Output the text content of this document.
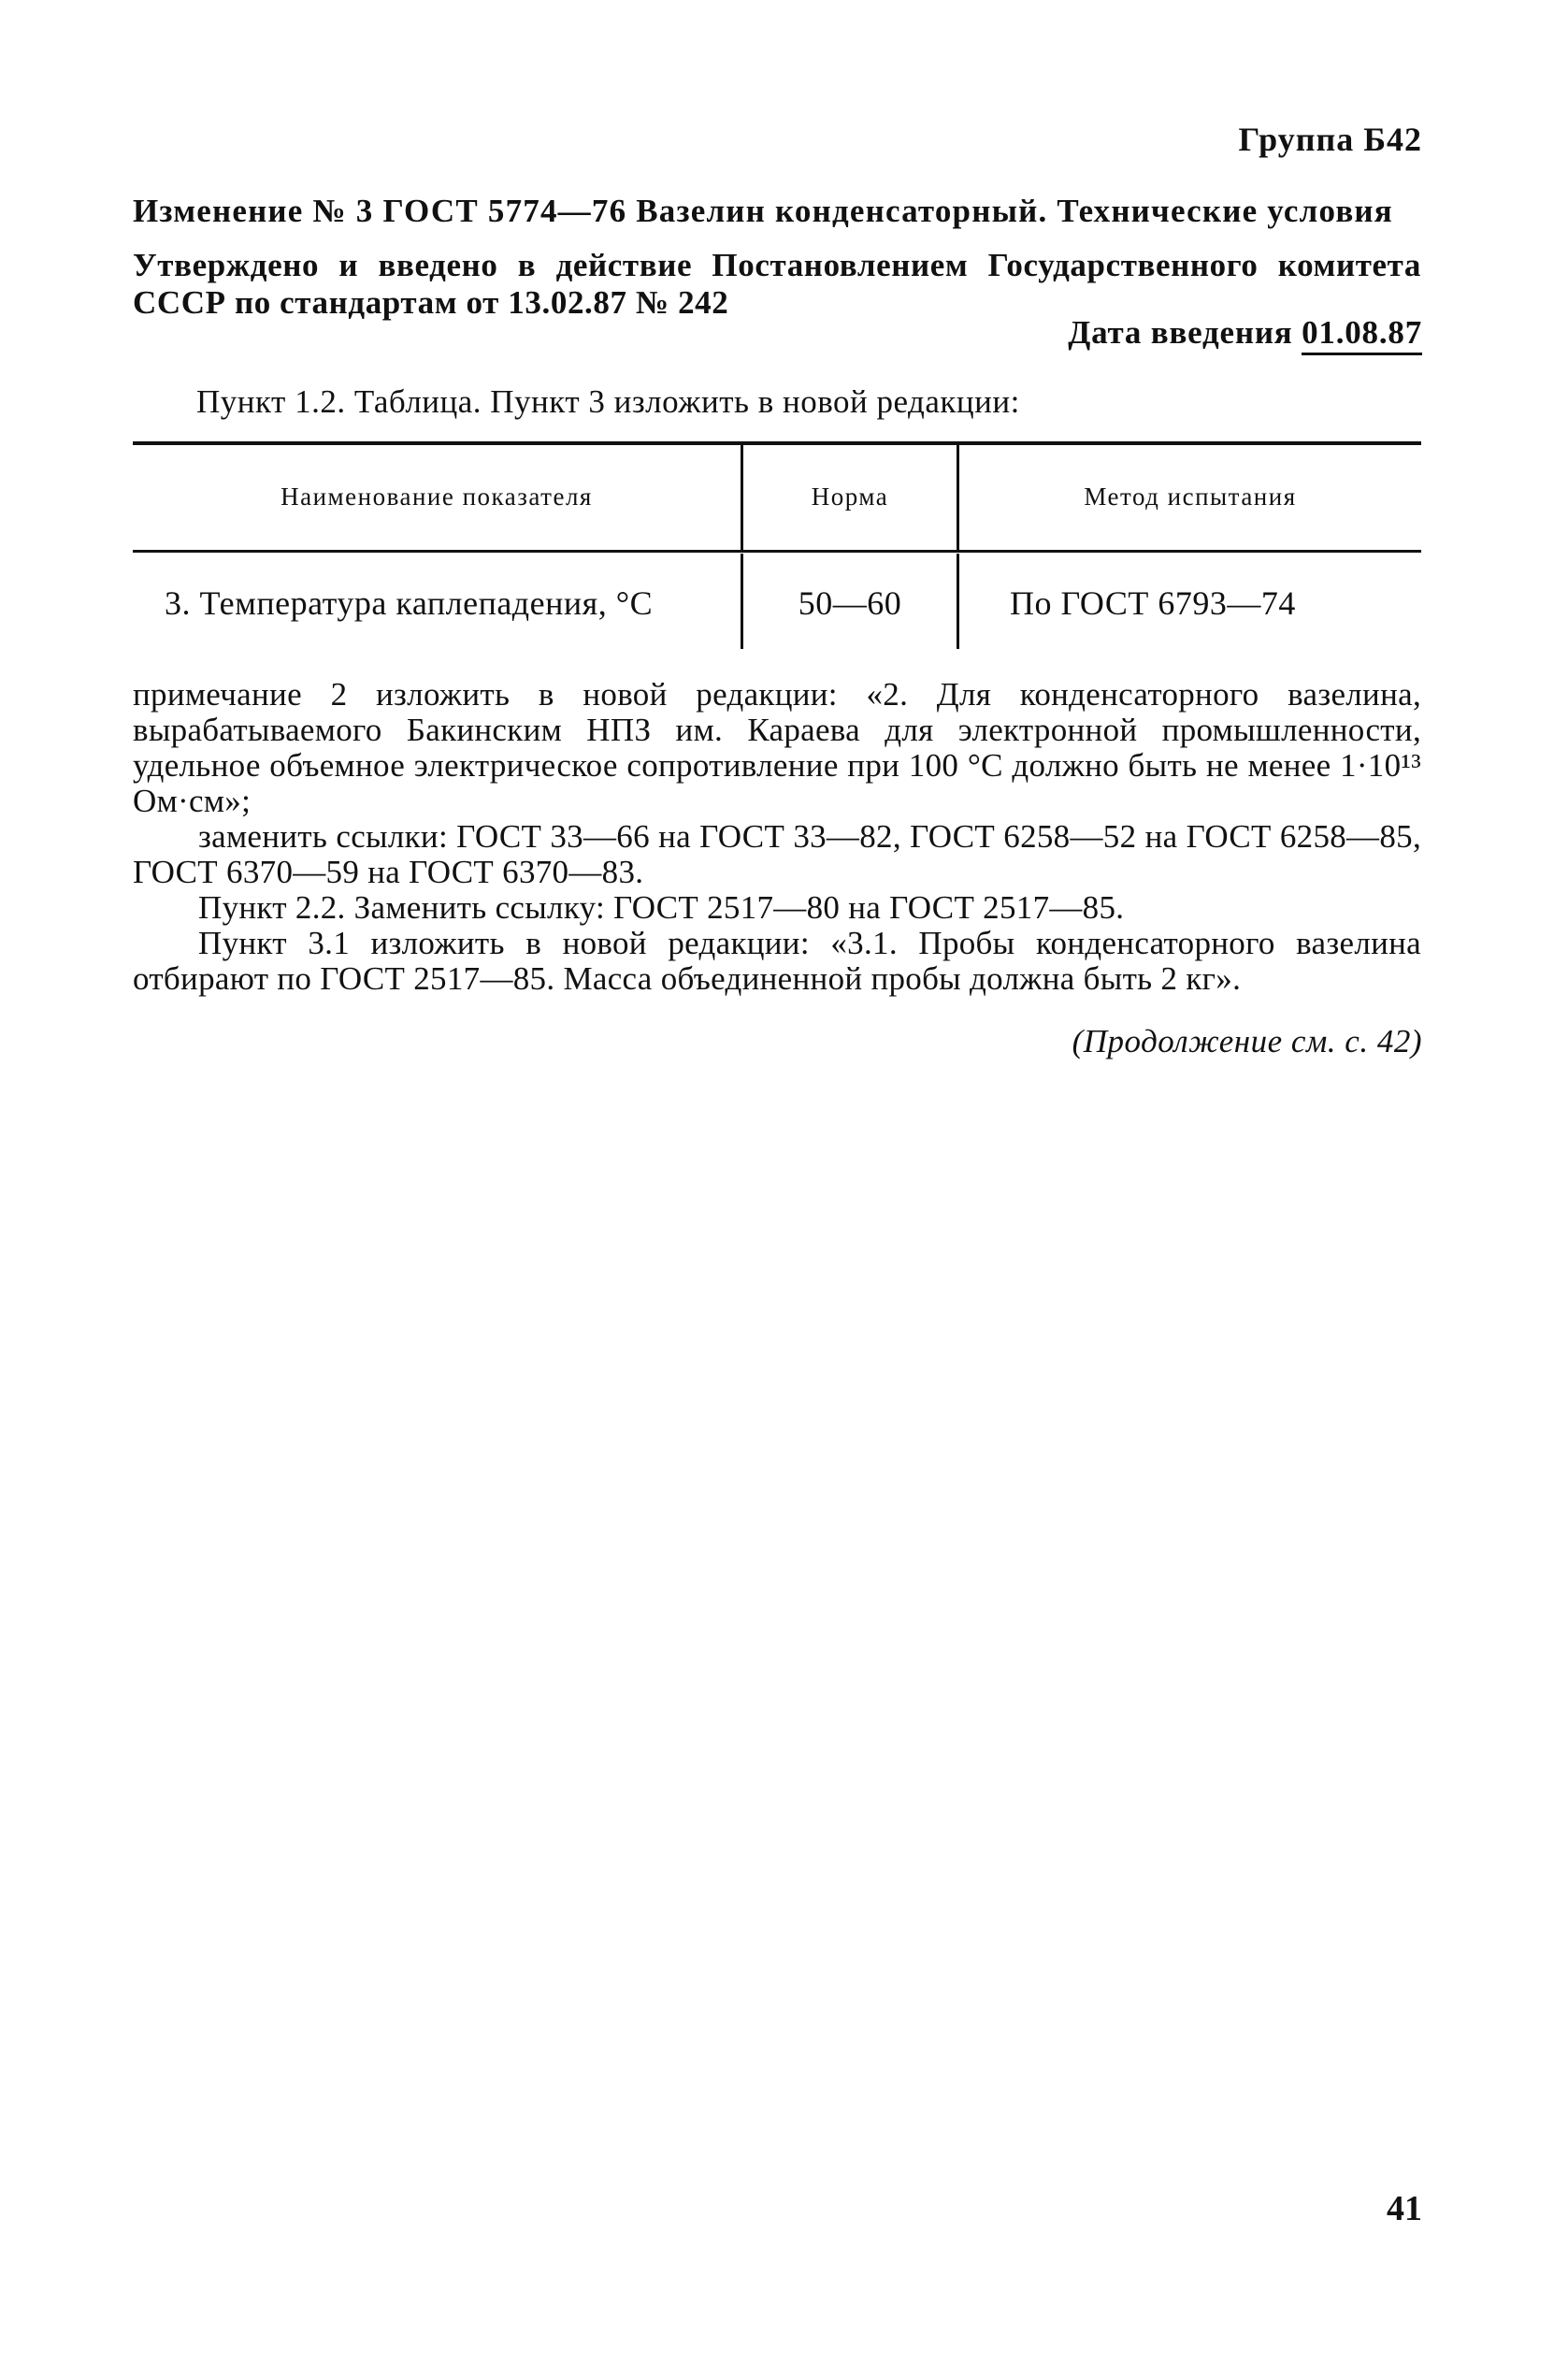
Группа Б42
Изменение № 3 ГОСТ 5774—76 Вазелин конденсаторный. Технические условия
Утверждено и введено в действие Постановлением Государственного комитета
СССР по стандартам от 13.02.87 № 242
Дата введения 01.08.87
Пункт 1.2. Таблица. Пункт 3 изложить в новой редакции:
Наименование показателя	Норма	Метод испытания
3. Температура каплепадения, °С	50—60	По ГОСТ 6793—74

примечание 2 изложить в новой редакции: «2. Для конденсаторного вазелина, вырабатываемого Бакинским НПЗ им. Караева для электронной промышленности, удельное объемное электрическое сопротивление при 100 °С должно быть не менее 1·10¹³ Ом·см»;

заменить ссылки: ГОСТ 33—66 на ГОСТ 33—82, ГОСТ 6258—52 на ГОСТ 6258—85, ГОСТ 6370—59 на ГОСТ 6370—83.

Пункт 2.2. Заменить ссылку: ГОСТ 2517—80 на ГОСТ 2517—85.

Пункт 3.1 изложить в новой редакции: «3.1. Пробы конденсаторного вазелина отбирают по ГОСТ 2517—85. Масса объединенной пробы должна быть 2 кг».

(Продолжение см. с. 42)
41
